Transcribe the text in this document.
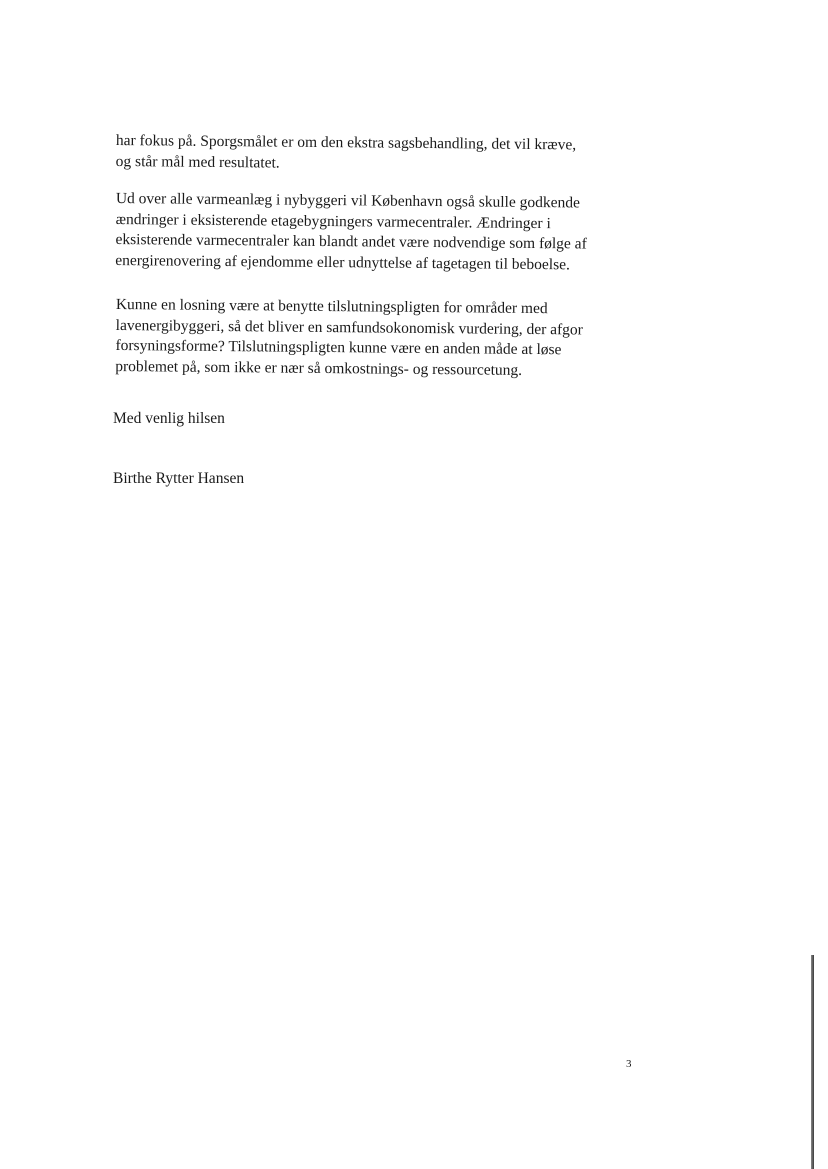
har fokus på. Sporgsmålet er om den ekstra sagsbehandling, det vil kræve,
og står mål med resultatet.

Ud over alle varmeanlæg i nybyggeri vil København også skulle godkende
ændringer i eksisterende etagebygningers varmecentraler. Ændringer i
eksisterende varmecentraler kan blandt andet være nodvendige som følge af
energirenovering af ejendomme eller udnyttelse af tagetagen til beboelse.

Kunne en losning være at benytte tilslutningspligten for områder med
lavenergibyggeri, så det bliver en samfundsokonomisk vurdering, der afgor
forsyningsforme? Tilslutningspligten kunne være en anden måde at løse
problemet på, som ikke er nær så omkostnings- og ressourcetung.

Med venlig hilsen

Birthe Rytter Hansen

3
